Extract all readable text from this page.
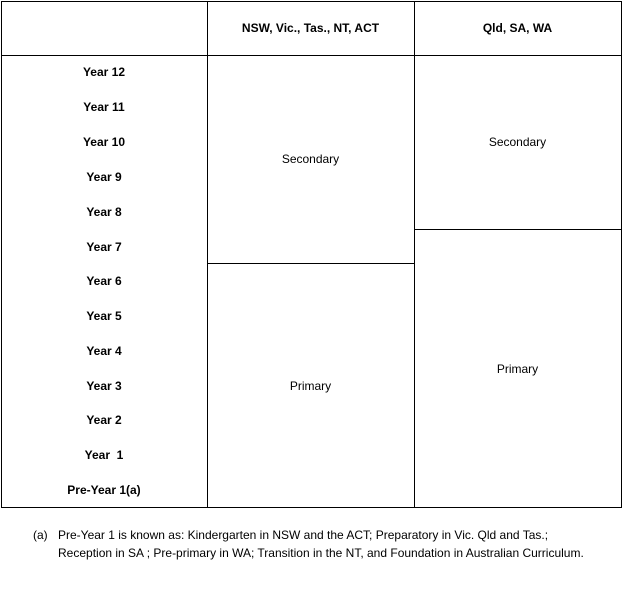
NSW, Vic., Tas., NT, ACT	Qld, SA, WA
Year 12
Year 11
Year 10
Year 9
Year 8
Year 7
Year 6
Year 5
Year 4
Year 3
Year 2
Year  1
Pre-Year 1(a)
Secondary
Primary
Secondary
Primary
(a) Pre-Year 1 is known as: Kindergarten in NSW and the ACT; Preparatory in Vic. Qld and Tas.; Reception in SA ; Pre-primary in WA; Transition in the NT, and Foundation in Australian Curriculum.
